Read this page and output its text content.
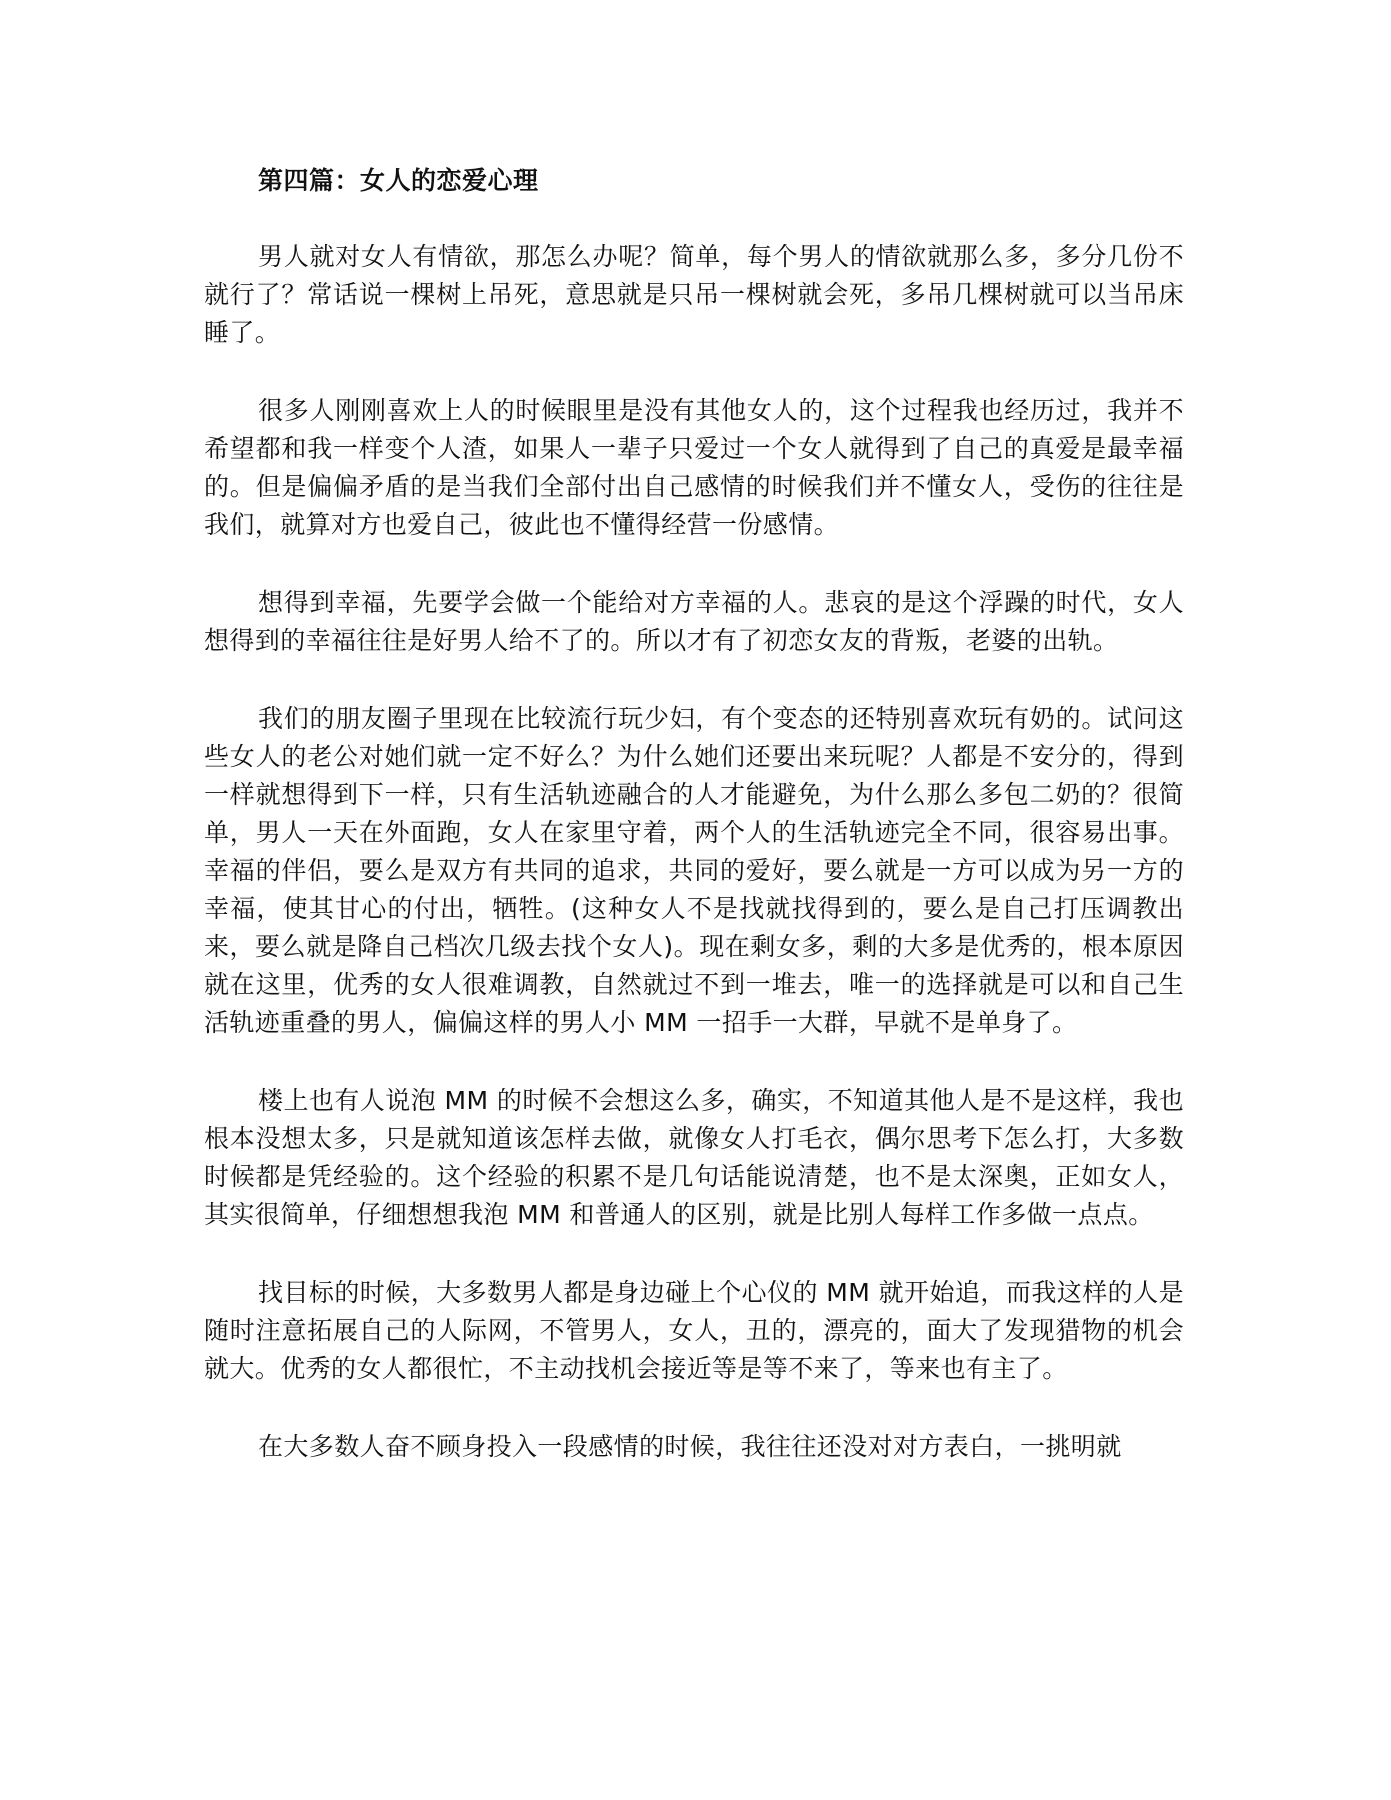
第四篇：女人的恋爱心理

男人就对女人有情欲，那怎么办呢？简单，每个男人的情欲就那么多，多分几份不就行了？常话说一棵树上吊死，意思就是只吊一棵树就会死，多吊几棵树就可以当吊床睡了。

很多人刚刚喜欢上人的时候眼里是没有其他女人的，这个过程我也经历过，我并不希望都和我一样变个人渣，如果人一辈子只爱过一个女人就得到了自己的真爱是最幸福的。但是偏偏矛盾的是当我们全部付出自己感情的时候我们并不懂女人，受伤的往往是我们，就算对方也爱自己，彼此也不懂得经营一份感情。

想得到幸福，先要学会做一个能给对方幸福的人。悲哀的是这个浮躁的时代，女人想得到的幸福往往是好男人给不了的。所以才有了初恋女友的背叛，老婆的出轨。

我们的朋友圈子里现在比较流行玩少妇，有个变态的还特别喜欢玩有奶的。试问这些女人的老公对她们就一定不好么？为什么她们还要出来玩呢？人都是不安分的，得到一样就想得到下一样，只有生活轨迹融合的人才能避免，为什么那么多包二奶的？很简单，男人一天在外面跑，女人在家里守着，两个人的生活轨迹完全不同，很容易出事。幸福的伴侣，要么是双方有共同的追求，共同的爱好，要么就是一方可以成为另一方的幸福，使其甘心的付出，牺牲。(这种女人不是找就找得到的，要么是自己打压调教出来，要么就是降自己档次几级去找个女人)。现在剩女多，剩的大多是优秀的，根本原因就在这里，优秀的女人很难调教，自然就过不到一堆去，唯一的选择就是可以和自己生活轨迹重叠的男人，偏偏这样的男人小 MM 一招手一大群，早就不是单身了。

楼上也有人说泡 MM 的时候不会想这么多，确实，不知道其他人是不是这样，我也根本没想太多，只是就知道该怎样去做，就像女人打毛衣，偶尔思考下怎么打，大多数时候都是凭经验的。这个经验的积累不是几句话能说清楚，也不是太深奥，正如女人，其实很简单，仔细想想我泡 MM 和普通人的区别，就是比别人每样工作多做一点点。

找目标的时候，大多数男人都是身边碰上个心仪的 MM 就开始追，而我这样的人是随时注意拓展自己的人际网，不管男人，女人，丑的，漂亮的，面大了发现猎物的机会就大。优秀的女人都很忙，不主动找机会接近等是等不来了，等来也有主了。

在大多数人奋不顾身投入一段感情的时候，我往往还没对对方表白，一挑明就
